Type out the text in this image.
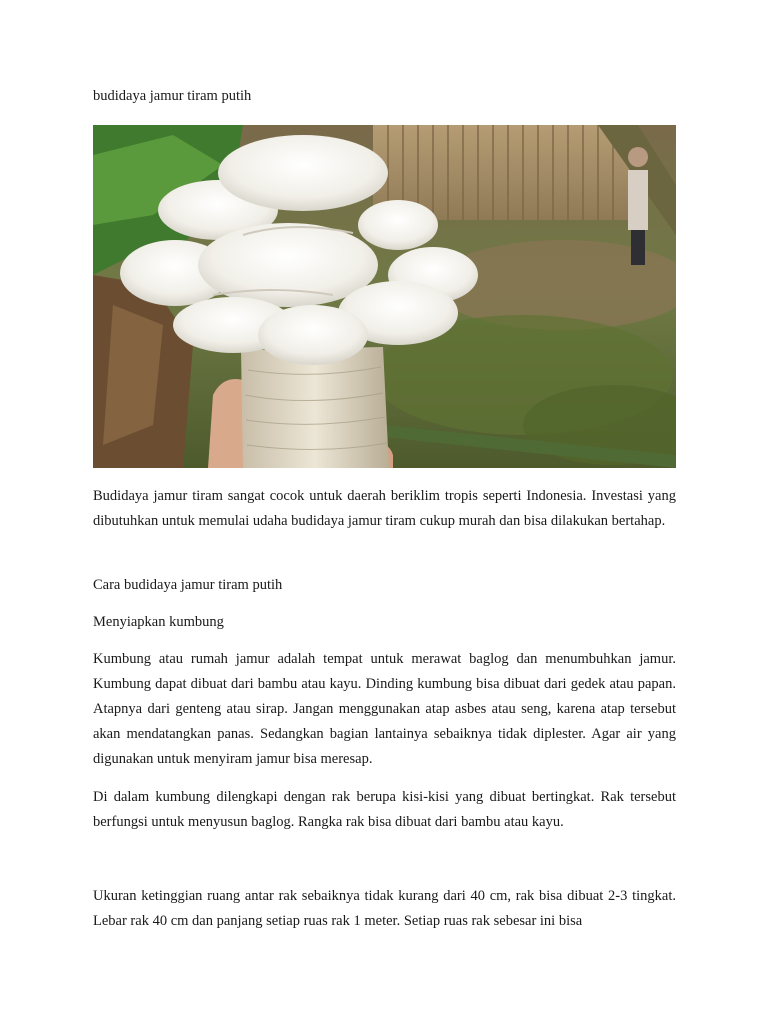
budidaya jamur tiram putih

Budidaya jamur tiram sangat cocok untuk daerah beriklim tropis seperti Indonesia. Investasi yang dibutuhkan untuk memulai udaha budidaya jamur tiram cukup murah dan bisa dilakukan bertahap.

Cara budidaya jamur tiram putih

Menyiapkan kumbung

Kumbung atau rumah jamur adalah tempat untuk merawat baglog dan menumbuhkan jamur. Kumbung dapat dibuat dari bambu atau kayu. Dinding kumbung bisa dibuat dari gedek atau papan. Atapnya dari genteng atau sirap. Jangan menggunakan atap asbes atau seng, karena atap tersebut akan mendatangkan panas. Sedangkan bagian lantainya sebaiknya tidak diplester. Agar air yang digunakan untuk menyiram jamur bisa meresap.

Di dalam kumbung dilengkapi dengan rak berupa kisi-kisi yang dibuat bertingkat. Rak tersebut berfungsi untuk menyusun baglog. Rangka rak bisa dibuat dari bambu atau kayu.

Ukuran ketinggian ruang antar rak sebaiknya tidak kurang dari 40 cm, rak bisa dibuat 2-3 tingkat. Lebar rak 40 cm dan panjang setiap ruas rak 1 meter. Setiap ruas rak sebesar ini bisa
